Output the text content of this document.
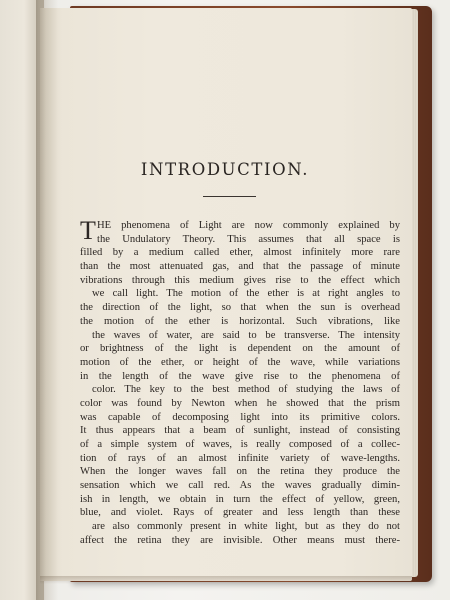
INTRODUCTION.
T HE phenomena of Light are now commonly explained by
the Undulatory Theory. This assumes that all space is
filled by a medium called ether, almost infinitely more rare
than the most attenuated gas, and that the passage of minute
vibrations through this medium gives rise to the effect which
we call light. The motion of the ether is at right angles to
the direction of the light, so that when the sun is overhead
the motion of the ether is horizontal. Such vibrations, like
the waves of water, are said to be transverse. The intensity
or brightness of the light is dependent on the amount of
motion of the ether, or height of the wave, while variations
in the length of the wave give rise to the phenomena of
color. The key to the best method of studying the laws of
color was found by Newton when he showed that the prism
was capable of decomposing light into its primitive colors.
It thus appears that a beam of sunlight, instead of consisting
of a simple system of waves, is really composed of a collec-
tion of rays of an almost infinite variety of wave-lengths.
When the longer waves fall on the retina they produce the
sensation which we call red. As the waves gradually dimin-
ish in length, we obtain in turn the effect of yellow, green,
blue, and violet. Rays of greater and less length than these
are also commonly present in white light, but as they do not
affect the retina they are invisible. Other means must there-
